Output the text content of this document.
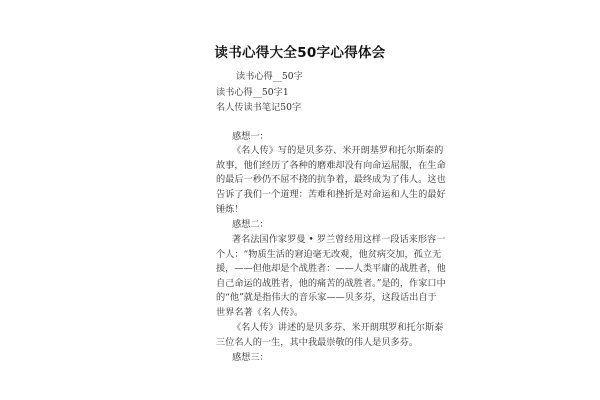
读书心得大全50字心得体会
读书心得__50字
读书心得__50字1
名人传读书笔记50字
感想一：
《名人传》写的是贝多芬、米开朗基罗和托尔斯泰的
故事，他们经历了各种的磨难却没有向命运屈服，在生命
的最后一秒仍不屈不挠的抗争着，最终成为了伟人。这也
告诉了我们一个道理：苦难和挫折是对命运和人生的最好
锤炼！
感想二：
著名法国作家罗曼 • 罗兰曾经用这样一段话来形容一
个人：“物质生活的窘迫毫无改观，他贫病交加，孤立无
援，——但他却是个战胜者：——人类平庸的战胜者，他
自己命运的战胜者，他的痛苦的战胜者。”是的，作家口中
的“他”就是指伟大的音乐家——贝多芬，这段话出自于
世界名著《名人传》。
《名人传》讲述的是贝多芬、米开朗琪罗和托尔斯泰
三位名人的一生，其中我最崇敬的伟人是贝多芬。
感想三：
